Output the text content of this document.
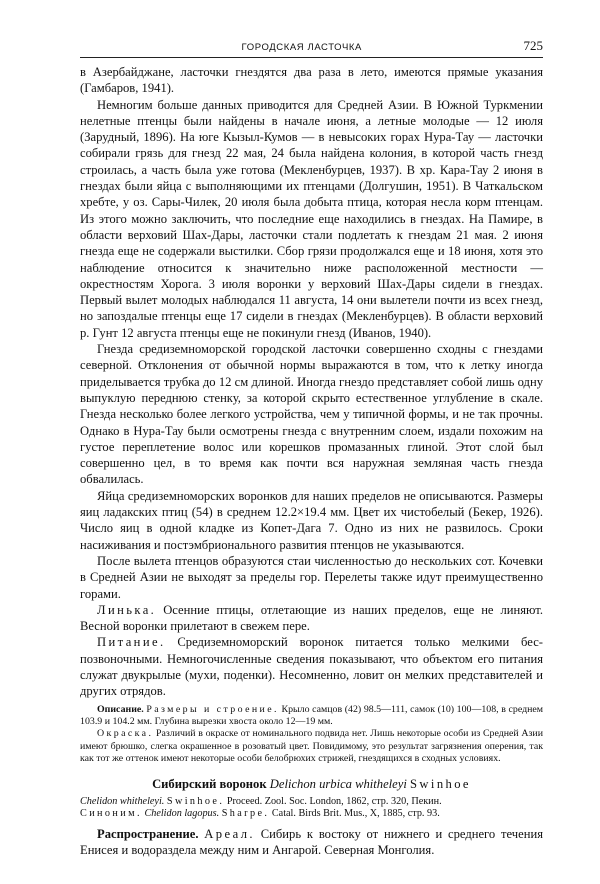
ГОРОДСКАЯ ЛАСТОЧКА	725

в Азербайджане, ласточки гнездятся два раза в лето, имеются прямые указания (Гамбаров, 1941).

Немногим больше данных приводится для Средней Азии. В Южной Туркмении нелетные птенцы были найдены в начале июня, а летные молодые — 12 июля (Зарудный, 1896). На юге Кызыл-Кумов — в невысоких горах Нура-Тау — ласточки собирали грязь для гнезд 22 мая, 24 была найдена колония, в которой часть гнезд строилась, а часть была уже готова (Мекленбурцев, 1937). В хр. Кара-Тау 2 июня в гнездах были яйца с выполняющими их птенцами (Долгушин, 1951). В Чаткальском хребте, у оз. Сары-Чилек, 20 июля была добыта птица, которая несла корм птенцам. Из этого можно заключить, что последние еще находились в гнездах. На Памире, в области верховий Шах-Дары, ласточки стали подлетать к гнездам 21 мая. 2 июня гнезда еще не содержали выстилки. Сбор грязи продолжался еще и 18 июня, хотя это наблюдение относится к значительно ниже расположенной местности — окрестностям Хорога. 3 июля воронки у верховий Шах-Дары сидели в гнездах. Первый вылет молодых наблюдался 11 августа, 14 они вылетели почти из всех гнезд, но запоздалые птенцы еще 17 сидели в гнездах (Мекленбурцев). В области верховий р. Гунт 12 августа птенцы еще не покинули гнезд (Иванов, 1940).

Гнезда средиземноморской городской ласточки совершенно сходны с гнездами северной. Отклонения от обычной нормы выражаются в том, что к летку иногда приделывается трубка до 12 см длиной. Иногда гнездо представляет собой лишь одну выпуклую переднюю стенку, за которой скрыто естественное углубление в скале. Гнезда несколько более легкого устройства, чем у типичной формы, и не так прочны. Однако в Нура-Тау были осмотрены гнезда с внутренним слоем, издали похожим на густое переплетение волос или корешков промазанных глиной. Этот слой был совершенно цел, в то время как почти вся наружная земляная часть гнезда обвалилась.

Яйца средиземноморских воронков для наших пределов не описываются. Размеры яиц ладакских птиц (54) в среднем 12.2×19.4 мм. Цвет их чистобелый (Бекер, 1926). Число яиц в одной кладке из Копет-Дага 7. Одно из них не развилось. Сроки насиживания и постэмбрионального развития птенцов не указываются.

После вылета птенцов образуются стаи численностью до нескольких сот. Кочевки в Средней Азии не выходят за пределы гор. Перелеты также идут преимущественно горами.

Линька. Осенние птицы, отлетающие из наших пределов, еще не линяют. Весной воронки прилетают в свежем пере.

Питание. Средиземноморский воронок питается только мелкими беспозвоночными. Немногочисленные сведения показывают, что объектом его питания служат двукрылые (мухи, поденки). Несомненно, ловит он мелких представителей и других отрядов.

Описание. Размеры и строение. Крыло самцов (42) 98.5—111, самок (10) 100—108, в среднем 103.9 и 104.2 мм. Глубина вырезки хвоста около 12—19 мм.

Окраска. Различий в окраске от номинального подвида нет. Лишь некоторые особи из Средней Азии имеют брюшко, слегка окрашенное в розоватый цвет. Повидимому, это результат загрязнения оперения, так как тот же оттенок имеют некоторые особи белобрюхих стрижей, гнездящихся в сходных условиях.

Сибирский воронок Delichon urbica whitheleyi Swinhoe

Chelidon whitheleyi. Swinhoe. Proceed. Zool. Soc. London, 1862, стр. 320, Пекин.

Синоним. Chelidon lagopus. Sharpe. Catal. Birds Brit. Mus., X, 1885, стр. 93.

Распространение. Ареал. Сибирь к востоку от нижнего и среднего течения Енисея и водораздела между ним и Ангарой. Северная Монголия.
